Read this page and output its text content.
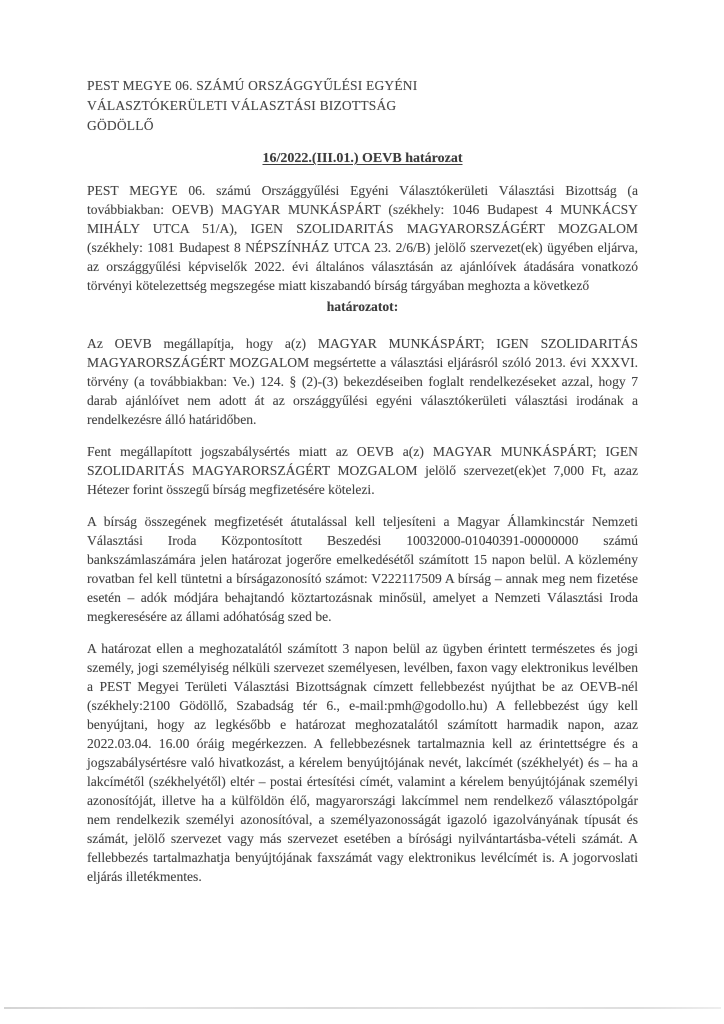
PEST MEGYE 06. SZÁMÚ ORSZÁGGYŰLÉSI EGYÉNI
VÁLASZTÓKERÜLETI VÁLASZTÁSI BIZOTTSÁG
GÖDÖLLŐ
16/2022.(III.01.) OEVB határozat

PEST MEGYE 06. számú Országgyűlési Egyéni Választókerületi Választási Bizottság (a továbbiakban: OEVB) MAGYAR MUNKÁSPÁRT (székhely: 1046 Budapest 4 MUNKÁCSY MIHÁLY UTCA 51/A), IGEN SZOLIDARITÁS MAGYARORSZÁGÉRT MOZGALOM (székhely: 1081 Budapest 8 NÉPSZÍNHÁZ UTCA 23. 2/6/B) jelölő szervezet(ek) ügyében eljárva, az országgyűlési képviselők 2022. évi általános választásán az ajánlóívek átadására vonatkozó törvényi kötelezettség megszegése miatt kiszabandó bírság tárgyában meghozta a következő

határozatot:

Az OEVB megállapítja, hogy a(z) MAGYAR MUNKÁSPÁRT; IGEN SZOLIDARITÁS MAGYARORSZÁGÉRT MOZGALOM megsértette a választási eljárásról szóló 2013. évi XXXVI. törvény (a továbbiakban: Ve.) 124. § (2)-(3) bekezdéseiben foglalt rendelkezéseket azzal, hogy 7 darab ajánlóívet nem adott át az országgyűlési egyéni választókerületi választási irodának a rendelkezésre álló határidőben.

Fent megállapított jogszabálysértés miatt az OEVB a(z) MAGYAR MUNKÁSPÁRT; IGEN SZOLIDARITÁS MAGYARORSZÁGÉRT MOZGALOM jelölő szervezet(ek)et 7,000 Ft, azaz Hétezer forint összegű bírság megfizetésére kötelezi.

A bírság összegének megfizetését átutalással kell teljesíteni a Magyar Államkincstár Nemzeti Választási Iroda Központosított Beszedési 10032000-01040391-00000000 számú bankszámlaszámára jelen határozat jogerőre emelkedésétől számított 15 napon belül. A közlemény rovatban fel kell tüntetni a bírságazonosító számot: V222117509 A bírság – annak meg nem fizetése esetén – adók módjára behajtandó köztartozásnak minősül, amelyet a Nemzeti Választási Iroda megkeresésére az állami adóhatóság szed be.

A határozat ellen a meghozatalától számított 3 napon belül az ügyben érintett természetes és jogi személy, jogi személyiség nélküli szervezet személyesen, levélben, faxon vagy elektronikus levélben a PEST Megyei Területi Választási Bizottságnak címzett fellebbezést nyújthat be az OEVB-nél (székhely:2100 Gödöllő, Szabadság tér 6., e-mail:pmh@godollo.hu) A fellebbezést úgy kell benyújtani, hogy az legkésőbb e határozat meghozatalától számított harmadik napon, azaz 2022.03.04. 16.00 óráig megérkezzen. A fellebbezésnek tartalmaznia kell az érintettségre és a jogszabálysértésre való hivatkozást, a kérelem benyújtójának nevét, lakcímét (székhelyét) és – ha a lakcímétől (székhelyétől) eltér – postai értesítési címét, valamint a kérelem benyújtójának személyi azonosítóját, illetve ha a külföldön élő, magyarországi lakcímmel nem rendelkező választópolgár nem rendelkezik személyi azonosítóval, a személyazonosságát igazoló igazolványának típusát és számát, jelölő szervezet vagy más szervezet esetében a bírósági nyilvántartásba-vételi számát. A fellebbezés tartalmazhatja benyújtójának faxszámát vagy elektronikus levélcímét is. A jogorvoslati eljárás illetékmentes.
